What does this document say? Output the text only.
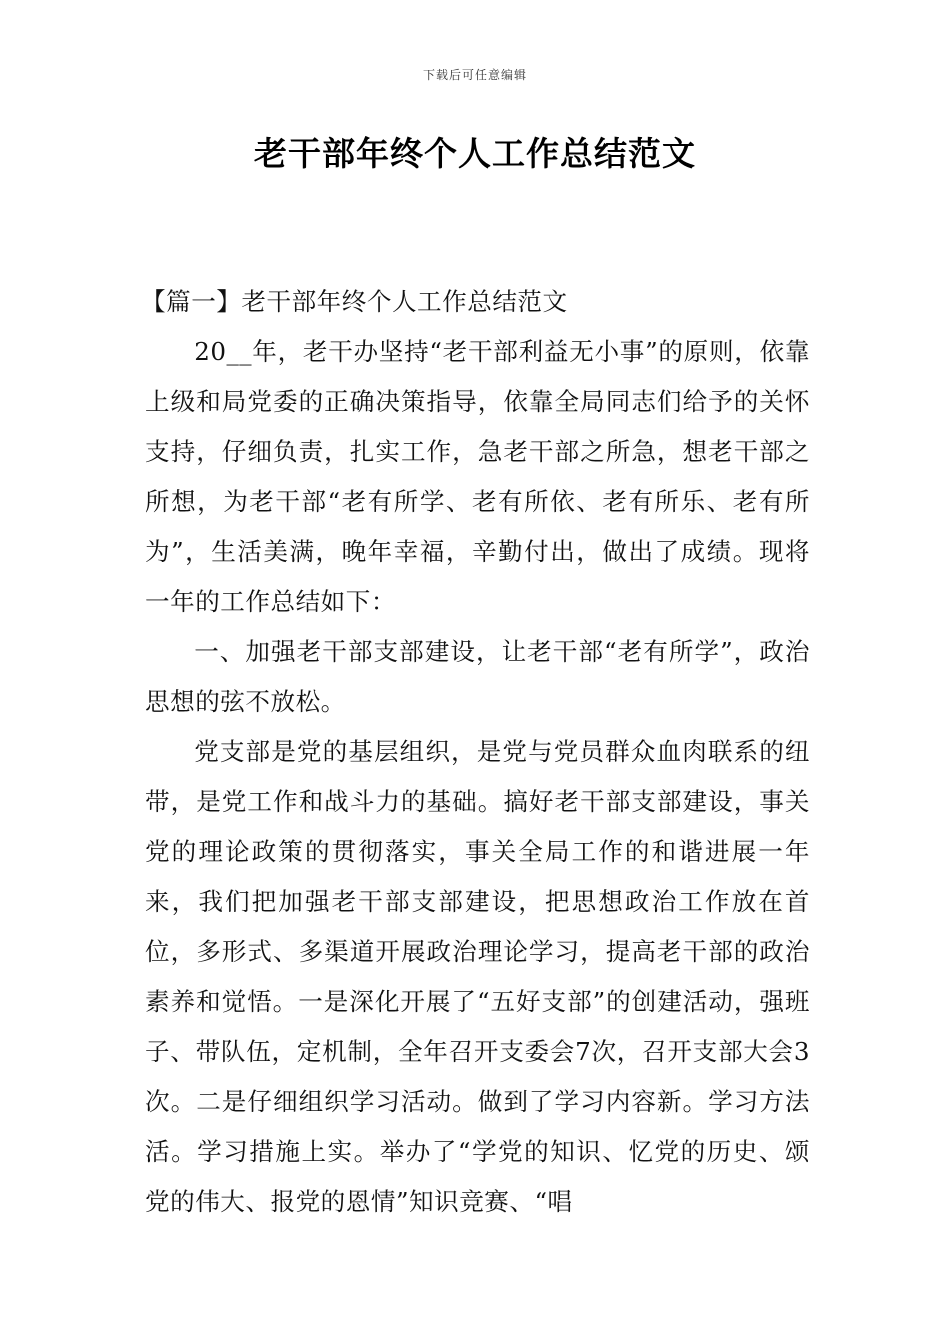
下载后可任意编辑
老干部年终个人工作总结范文

【篇一】老干部年终个人工作总结范文

20__年，老干办坚持“老干部利益无小事”的原则，依靠上级和局党委的正确决策指导，依靠全局同志们给予的关怀支持，仔细负责，扎实工作，急老干部之所急，想老干部之所想，为老干部“老有所学、老有所依、老有所乐、老有所为”，生活美满，晚年幸福，辛勤付出，做出了成绩。现将一年的工作总结如下：

一、加强老干部支部建设，让老干部“老有所学”，政治思想的弦不放松。

党支部是党的基层组织，是党与党员群众血肉联系的纽带，是党工作和战斗力的基础。搞好老干部支部建设，事关党的理论政策的贯彻落实，事关全局工作的和谐进展一年来，我们把加强老干部支部建设，把思想政治工作放在首位，多形式、多渠道开展政治理论学习，提高老干部的政治素养和觉悟。一是深化开展了“五好支部”的创建活动，强班子、带队伍，定机制，全年召开支委会7次，召开支部大会3次。二是仔细组织学习活动。做到了学习内容新。学习方法活。学习措施上实。举办了“学党的知识、忆党的历史、颂党的伟大、报党的恩情”知识竞赛、“唱
